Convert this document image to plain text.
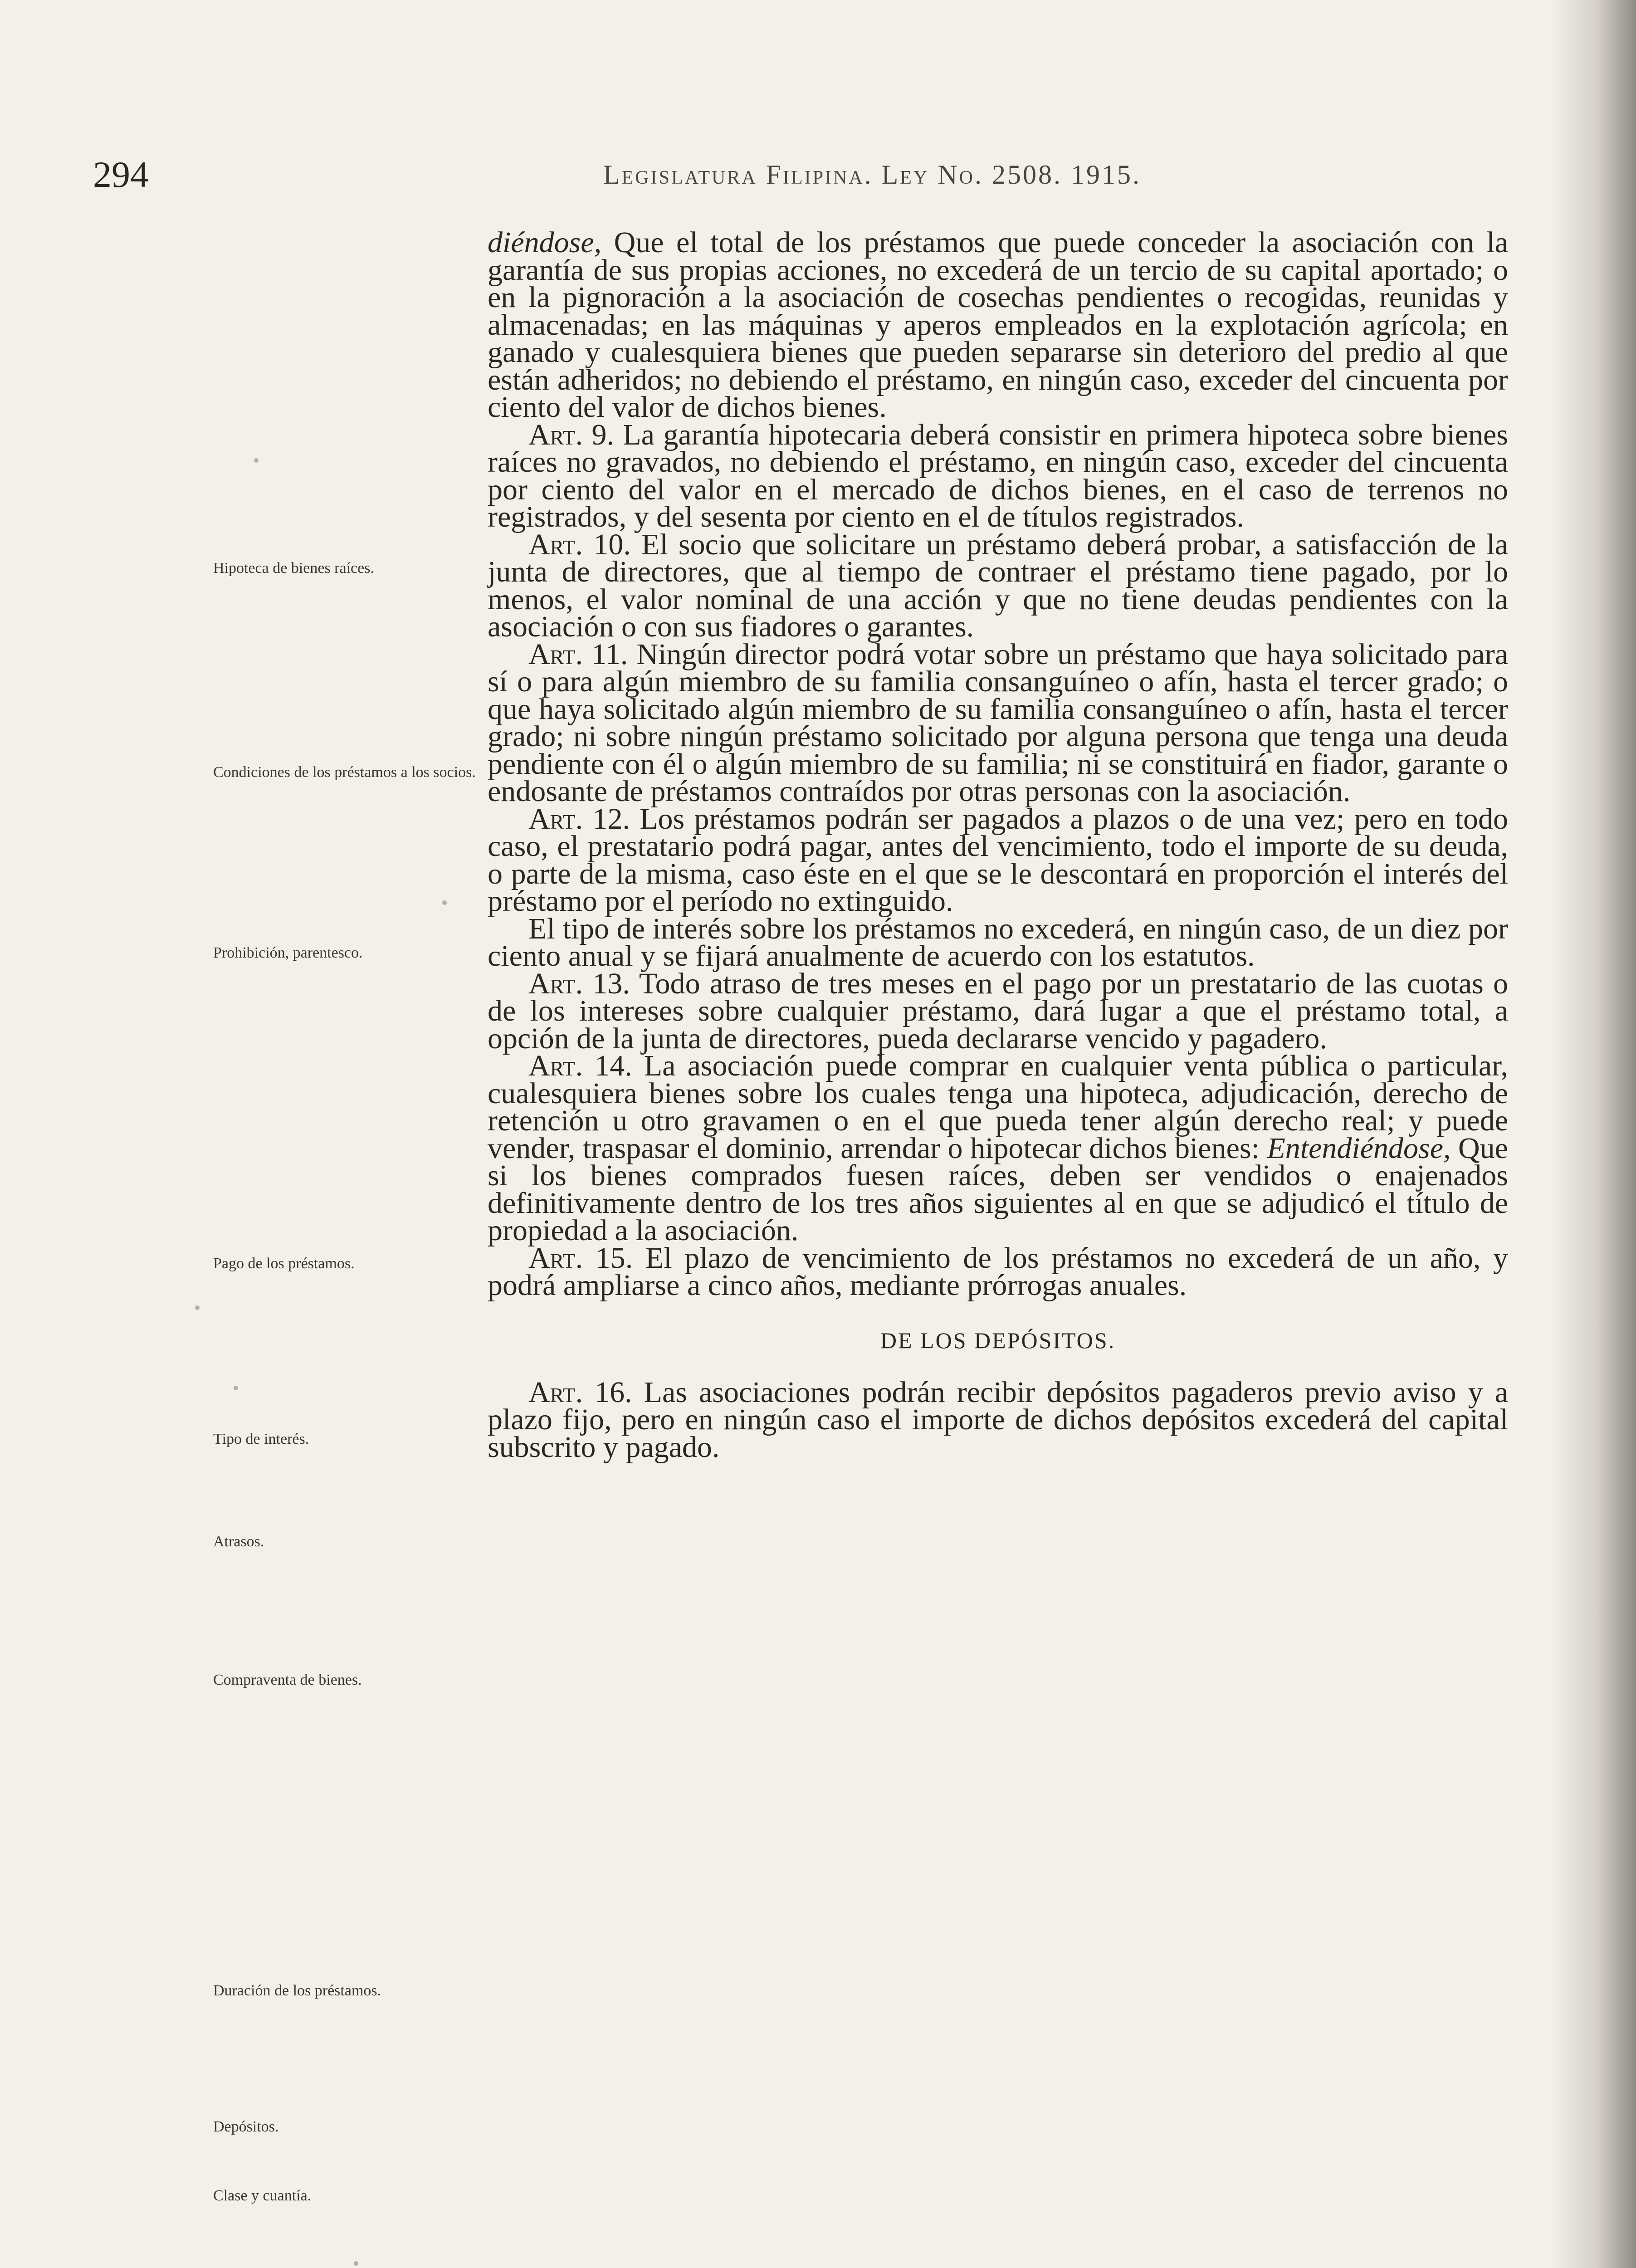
294	Legislatura Filipina. Ley No. 2508. 1915.
Hipoteca de bienes raíces.
Condiciones de los préstamos a los socios.
Prohibición, parentesco.
Pago de los préstamos.
Tipo de interés.
Atrasos.
Compraventa de bienes.
Duración de los préstamos.
Depósitos.
Clase y cuantía.

diéndose, Que el total de los préstamos que puede conceder la asociación con la garantía de sus propias acciones, no excederá de un tercio de su capital aportado; o en la pignoración a la asociación de cosechas pendientes o recogidas, reunidas y almacenadas; en las máquinas y aperos empleados en la explotación agrícola; en ganado y cualesquiera bienes que pueden separarse sin deterioro del predio al que están adheridos; no debiendo el préstamo, en ningún caso, exceder del cincuenta por ciento del valor de dichos bienes.

Art. 9. La garantía hipotecaria deberá consistir en primera hipoteca sobre bienes raíces no gravados, no debiendo el préstamo, en ningún caso, exceder del cincuenta por ciento del valor en el mercado de dichos bienes, en el caso de terrenos no registrados, y del sesenta por ciento en el de títulos registrados.

Art. 10. El socio que solicitare un préstamo deberá probar, a satisfacción de la junta de directores, que al tiempo de contraer el préstamo tiene pagado, por lo menos, el valor nominal de una acción y que no tiene deudas pendientes con la asociación o con sus fiadores o garantes.

Art. 11. Ningún director podrá votar sobre un préstamo que haya solicitado para sí o para algún miembro de su familia consanguíneo o afín, hasta el tercer grado; o que haya solicitado algún miembro de su familia consanguíneo o afín, hasta el tercer grado; ni sobre ningún préstamo solicitado por alguna persona que tenga una deuda pendiente con él o algún miembro de su familia; ni se constituirá en fiador, garante o endosante de préstamos contraídos por otras personas con la asociación.

Art. 12. Los préstamos podrán ser pagados a plazos o de una vez; pero en todo caso, el prestatario podrá pagar, antes del vencimiento, todo el importe de su deuda, o parte de la misma, caso éste en el que se le descontará en proporción el interés del préstamo por el período no extinguido.

El tipo de interés sobre los préstamos no excederá, en ningún caso, de un diez por ciento anual y se fijará anualmente de acuerdo con los estatutos.

Art. 13. Todo atraso de tres meses en el pago por un prestatario de las cuotas o de los intereses sobre cualquier préstamo, dará lugar a que el préstamo total, a opción de la junta de directores, pueda declararse vencido y pagadero.

Art. 14. La asociación puede comprar en cualquier venta pública o particular, cualesquiera bienes sobre los cuales tenga una hipoteca, adjudicación, derecho de retención u otro gravamen o en el que pueda tener algún derecho real; y puede vender, traspasar el dominio, arrendar o hipotecar dichos bienes: Entendiéndose, Que si los bienes comprados fuesen raíces, deben ser vendidos o enajenados definitivamente dentro de los tres años siguientes al en que se adjudicó el título de propiedad a la asociación.

Art. 15. El plazo de vencimiento de los préstamos no excederá de un año, y podrá ampliarse a cinco años, mediante prórrogas anuales.

DE LOS DEPÓSITOS.

Art. 16. Las asociaciones podrán recibir depósitos pagaderos previo aviso y a plazo fijo, pero en ningún caso el importe de dichos depósitos excederá del capital subscrito y pagado.
